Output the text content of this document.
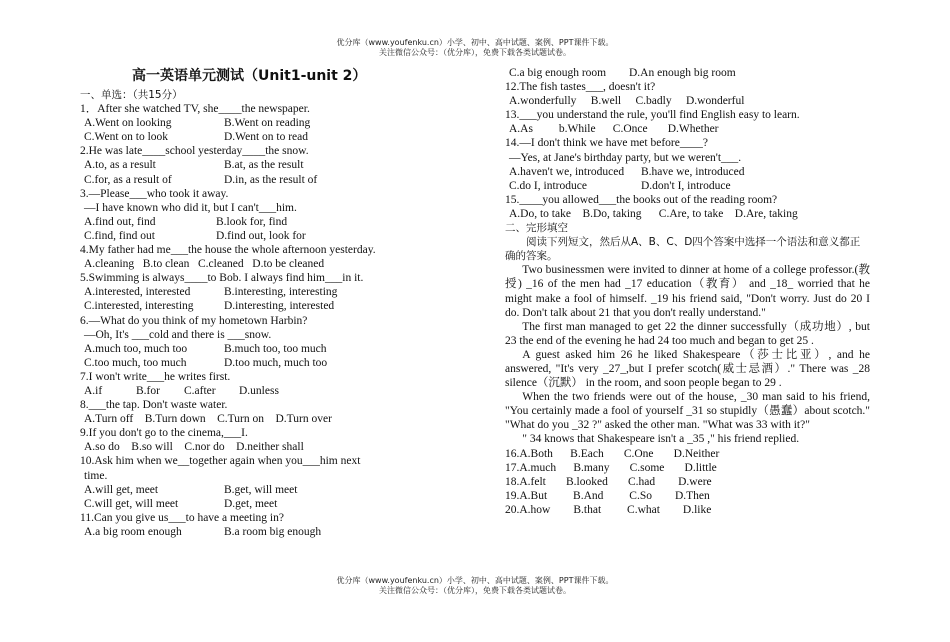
优分库（www.youfenku.cn）小学、初中、高中试题、案例、PPT课件下载。
关注微信公众号：（优分库），免费下载各类试题试卷。
高一英语单元测试（Unit1-unit 2）
一、单选：（共15分）
1．After she watched TV, she____the newspaper.
A.Went on looking	B.Went on reading
C.Went on to look	D.Went on to read
2.He was late____school yesterday____the snow.
A.to, as a result	B.at, as the result
C.for, as a result of	D.in, as the result of
3.—Please___who took it away.
—I have known who did it, but I can't___him.
A.find out, find	B.look for, find
C.find, find out	D.find out, look for
4.My father had me___the house the whole afternoon yesterday.
A.cleaning   B.to clean   C.cleaned   D.to be cleaned
5.Swimming is always____to Bob. I always find him___in it.
A.interested, interested	B.interesting, interesting
C.interested, interesting	D.interesting, interested
6.—What do you think of my hometown Harbin?
—Oh, It's ___cold and there is ___snow.
A.much too, much too	B.much too, too much
C.too much, too much	D.too much, much too
7.I won't write___he writes first.
A.if	B.for C.after D.unless
8.___the tap. Don't waste water.
A.Turn off    B.Turn down    C.Turn on    D.Turn over
9.If you don't go to the cinema,___I.
A.so do    B.so will    C.nor do    D.neither shall
10.Ask him when we__together again when you___him next
time.
A.will get, meet	B.get, will meet
C.will get, will meet	D.get, meet
11.Can you give us___to have a meeting in?
A.a big room enough	B.a room big enough
C.a big enough room D.An enough big room
12.The fish tastes___, doesn't it?
A.wonderfully     B.well     C.badly     D.wonderful
13.___you understand the rule, you'll find English easy to learn.
A.As         b.While      C.Once       D.Whether
14.—I don't think we have met before____?
—Yes, at Jane's birthday party, but we weren't___.
A.haven't we, introduced B.have we, introduced
C.do I, introduce	D.don't I, introduce
15.____you allowed___the books out of the reading room?
A.Do, to take    B.Do, taking      C.Are, to take    D.Are, taking
二、完形填空
阅读下列短文，然后从A、B、C、D四个答案中选择一个语法和意义都正确的答案。
Two businessmen were invited to dinner at home of a college professor.(教授) _16 of the men had _17 education（教育） and _18_ worried that he might make a fool of himself. _19 his friend said, "Don't worry. Just do 20 I do. Don't talk about 21 that you don't really understand."
The first man managed to get 22 the dinner successfully（成功地）, but 23 the end of the evening he had 24 too much and began to get 25 .
A guest asked him 26 he liked Shakespeare（莎士比亚）, and he answered, "It's very _27_,but I prefer scotch(威士忌酒）." There was _28 silence（沉默） in the room, and soon people began to 29 .
When the two friends were out of the house, _30 man said to his friend, "You certainly made a fool of yourself _31 so stupidly（愚蠢）about scotch." "What do you _32 ?" asked the other man. "What was 33 with it?"
" 34 knows that Shakespeare isn't a _35 ," his friend replied.
16.A.Both      B.Each       C.One       D.Neither
17.A.much      B.many       C.some       D.little
18.A.felt       B.looked       C.had        D.were
19.A.But         B.And         C.So        D.Then
20.A.how        B.that         C.what        D.like
优分库（www.youfenku.cn）小学、初中、高中试题、案例、PPT课件下载。
关注微信公众号：（优分库），免费下载各类试题试卷。
